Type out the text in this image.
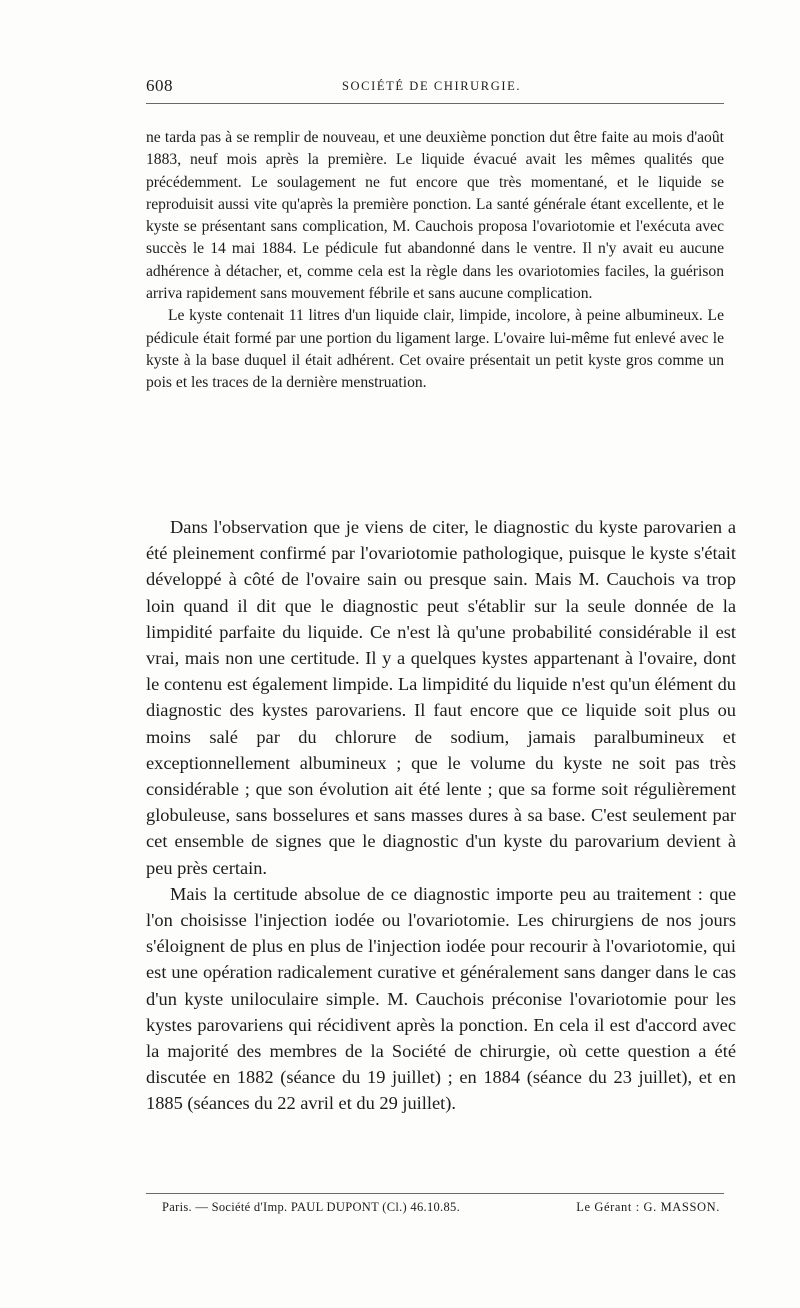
608	SOCIÉTÉ DE CHIRURGIE.

ne tarda pas à se remplir de nouveau, et une deuxième ponction dut être faite au mois d'août 1883, neuf mois après la première. Le liquide évacué avait les mêmes qualités que précédemment. Le soulagement ne fut encore que très momentané, et le liquide se reproduisit aussi vite qu'après la première ponction. La santé générale étant excellente, et le kyste se présentant sans complication, M. Cauchois proposa l'ovariotomie et l'exécuta avec succès le 14 mai 1884. Le pédicule fut abandonné dans le ventre. Il n'y avait eu aucune adhérence à détacher, et, comme cela est la règle dans les ovariotomies faciles, la guérison arriva rapidement sans mouvement fébrile et sans aucune complication.

Le kyste contenait 11 litres d'un liquide clair, limpide, incolore, à peine albumineux. Le pédicule était formé par une portion du ligament large. L'ovaire lui-même fut enlevé avec le kyste à la base duquel il était adhérent. Cet ovaire présentait un petit kyste gros comme un pois et les traces de la dernière menstruation.

Dans l'observation que je viens de citer, le diagnostic du kyste parovarien a été pleinement confirmé par l'ovariotomie pathologique, puisque le kyste s'était développé à côté de l'ovaire sain ou presque sain. Mais M. Cauchois va trop loin quand il dit que le diagnostic peut s'établir sur la seule donnée de la limpidité parfaite du liquide. Ce n'est là qu'une probabilité considérable il est vrai, mais non une certitude. Il y a quelques kystes appartenant à l'ovaire, dont le contenu est également limpide. La limpidité du liquide n'est qu'un élément du diagnostic des kystes parovariens. Il faut encore que ce liquide soit plus ou moins salé par du chlorure de sodium, jamais paralbumineux et exceptionnellement albumineux ; que le volume du kyste ne soit pas très considérable ; que son évolution ait été lente ; que sa forme soit régulièrement globuleuse, sans bosselures et sans masses dures à sa base. C'est seulement par cet ensemble de signes que le diagnostic d'un kyste du parovarium devient à peu près certain.

Mais la certitude absolue de ce diagnostic importe peu au traitement : que l'on choisisse l'injection iodée ou l'ovariotomie. Les chirurgiens de nos jours s'éloignent de plus en plus de l'injection iodée pour recourir à l'ovariotomie, qui est une opération radicalement curative et généralement sans danger dans le cas d'un kyste uniloculaire simple. M. Cauchois préconise l'ovariotomie pour les kystes parovariens qui récidivent après la ponction. En cela il est d'accord avec la majorité des membres de la Société de chirurgie, où cette question a été discutée en 1882 (séance du 19 juillet) ; en 1884 (séance du 23 juillet), et en 1885 (séances du 22 avril et du 29 juillet).

Paris. — Société d'Imp. PAUL DUPONT (Cl.) 46.10.85.	Le Gérant : G. MASSON.
